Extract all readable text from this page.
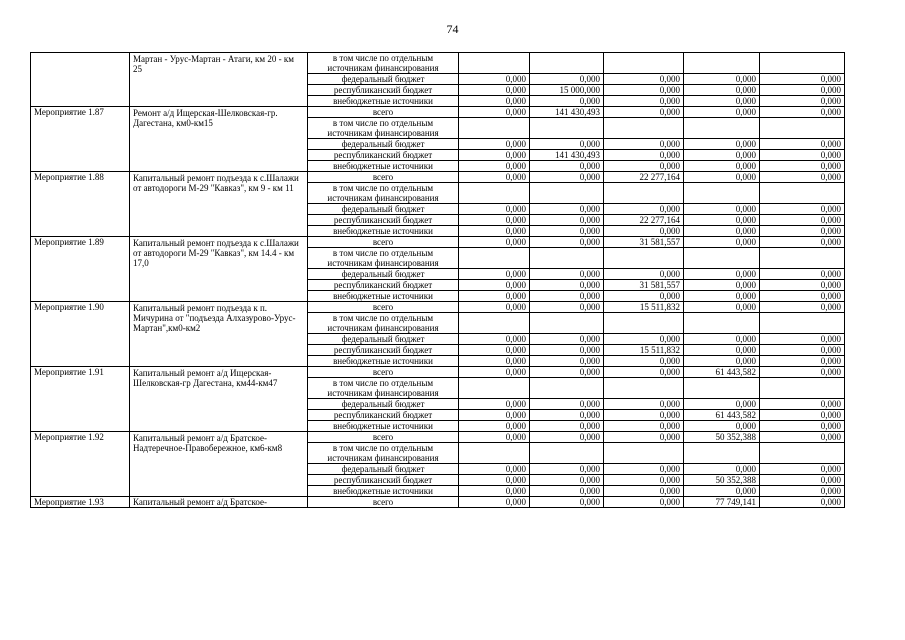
74
	Мартан - Урус-Мартан - Атаги, км 20 - км 25	в том числе по отдельным источникам финансирования					
		федеральный бюджет	0,000	0,000	0,000	0,000	0,000
		республиканский бюджет	0,000	15 000,000	0,000	0,000	0,000
		внебюджетные источники	0,000	0,000	0,000	0,000	0,000
Мероприятие 1.87	Ремонт а/д Ищерская-Шелковская-гр. Дагестана, км0-км15	всего	0,000	141 430,493	0,000	0,000	0,000
		в том числе по отдельным источникам финансирования					
		федеральный бюджет	0,000	0,000	0,000	0,000	0,000
		республиканский бюджет	0,000	141 430,493	0,000	0,000	0,000
		внебюджетные источники	0,000	0,000	0,000	0,000	0,000
Мероприятие 1.88	Капитальный ремонт подъезда к с.Шалажи от автодороги М-29 "Кавказ", км 9 - км 11	всего	0,000	0,000	22 277,164	0,000	0,000
		в том числе по отдельным источникам финансирования					
		федеральный бюджет	0,000	0,000	0,000	0,000	0,000
		республиканский бюджет	0,000	0,000	22 277,164	0,000	0,000
		внебюджетные источники	0,000	0,000	0,000	0,000	0,000
Мероприятие 1.89	Капитальный ремонт подъезда к с.Шалажи от автодороги М-29 "Кавказ", км 14.4 - км 17,0	всего	0,000	0,000	31 581,557	0,000	0,000
		в том числе по отдельным источникам финансирования					
		федеральный бюджет	0,000	0,000	0,000	0,000	0,000
		республиканский бюджет	0,000	0,000	31 581,557	0,000	0,000
		внебюджетные источники	0,000	0,000	0,000	0,000	0,000
Мероприятие 1.90	Капитальный ремонт подъезда к п. Мичурина от "подъезда Алхазурово-Урус-Мартан",км0-км2	всего	0,000	0,000	15 511,832	0,000	0,000
		в том числе по отдельным источникам финансирования					
		федеральный бюджет	0,000	0,000	0,000	0,000	0,000
		республиканский бюджет	0,000	0,000	15 511,832	0,000	0,000
		внебюджетные источники	0,000	0,000	0,000	0,000	0,000
Мероприятие 1.91	Капитальный ремонт а/д Ищерская-Шелковская-гр Дагестана, км44-км47	всего	0,000	0,000	0,000	61 443,582	0,000
		в том числе по отдельным источникам финансирования					
		федеральный бюджет	0,000	0,000	0,000	0,000	0,000
		республиканский бюджет	0,000	0,000	0,000	61 443,582	0,000
		внебюджетные источники	0,000	0,000	0,000	0,000	0,000
Мероприятие 1.92	Капитальный ремонт а/д Братское-Надтеречное-Правобережное, км6-км8	всего	0,000	0,000	0,000	50 352,388	0,000
		в том числе по отдельным источникам финансирования					
		федеральный бюджет	0,000	0,000	0,000	0,000	0,000
		республиканский бюджет	0,000	0,000	0,000	50 352,388	0,000
		внебюджетные источники	0,000	0,000	0,000	0,000	0,000
Мероприятие 1.93	Капитальный ремонт а/д Братское-	всего	0,000	0,000	0,000	77 749,141	0,000
